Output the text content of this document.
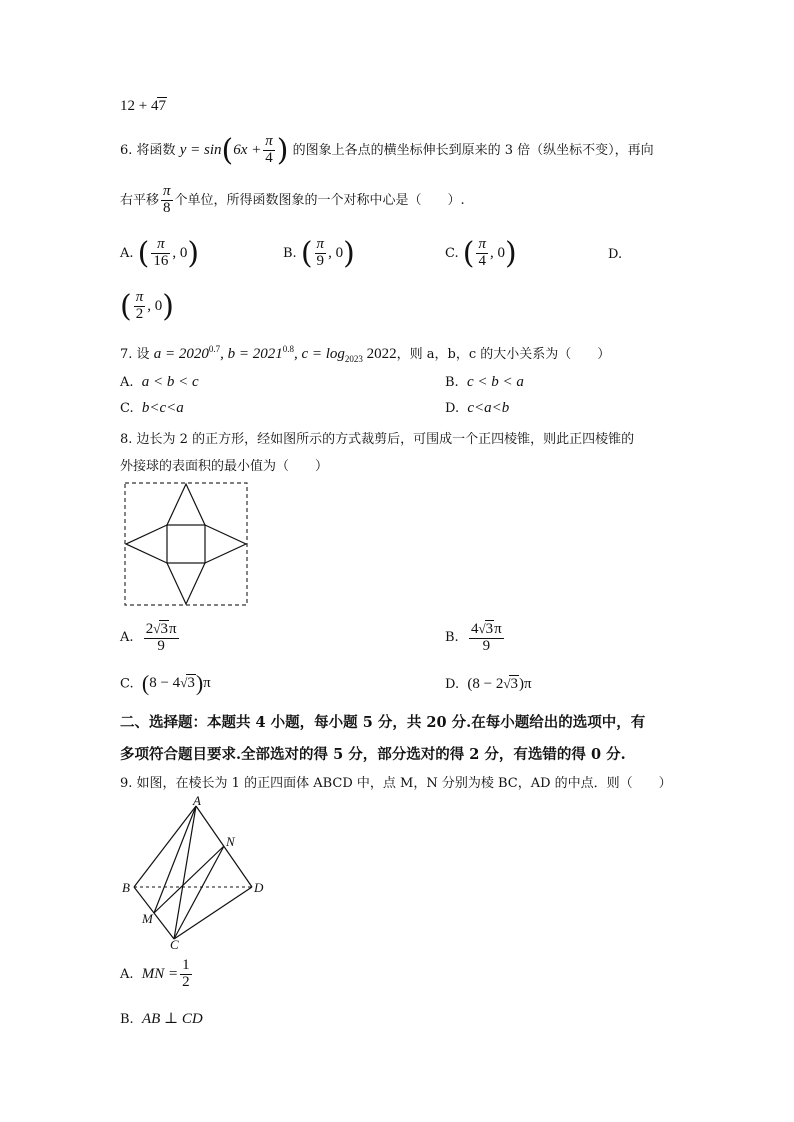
12 + 47
6. 将函数 $y = \sin(6x + \frac{\pi}{4}$ ) 的图象上各点的横坐标伸长到原来的 3 倍（纵坐标不变），再向
右平移 $\frac{\pi}{8}$ 个单位，所得函数图象的一个对称中心是（　　）.
A. ( $\frac{\pi}{16}$ , 0)	B. ( $\frac{\pi}{9}$ , 0)	C. ( $\frac{\pi}{4}$ , 0)	D.
( $\frac{\pi}{2}$ , 0)
7. 设 $a = 2020^{0.7}$, $b = 2021^{0.8}$, $c = \log_{2023} 2022$，则 a，b，c 的大小关系为（　　）
A. a < b < c	B. c < b < a
C. b<c<a	D. c<a<b
8. 边长为 2 的正方形，经如图所示的方式裁剪后，可围成一个正四棱锥，则此正四棱锥的
外接球的表面积的最小值为（　　）
A. $\frac{2√3\pi}{9}$	B. $\frac{4√3\pi}{9}$
C. (8 − 4√3)π	D. (8 − 2√3)π
二、选择题：本题共 4 小题，每小题 5 分，共 20 分.在每小题给出的选项中，有
多项符合题目要求.全部选对的得 5 分，部分选对的得 2 分，有选错的得 0 分.
9. 如图，在棱长为 1 的正四面体 ABCD 中，点 M，N 分别为棱 BC，AD 的中点．则（　　）
A
B
C
D
M
N
A. MN = $\frac{1}{2}$
B. AB ⊥ CD
